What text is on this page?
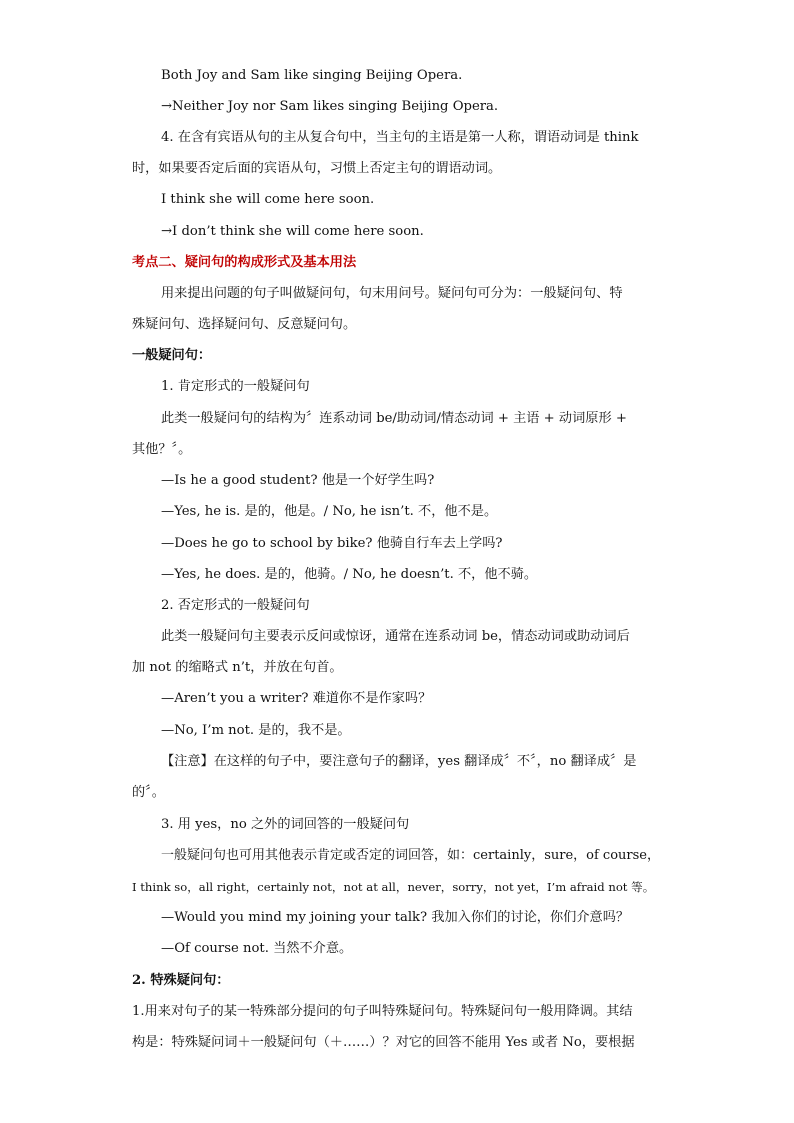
Both Joy and Sam like singing Beijing Opera.
→Neither Joy nor Sam likes singing Beijing Opera.
4. 在含有宾语从句的主从复合句中，当主句的主语是第一人称，谓语动词是 think
时，如果要否定后面的宾语从句，习惯上否定主句的谓语动词。
I think she will come here soon.
→I don’t think she will come here soon.
考点二、疑问句的构成形式及基本用法
用来提出问题的句子叫做疑问句，句末用问号。疑问句可分为：一般疑问句、特
殊疑问句、选择疑问句、反意疑问句。
一般疑问句：
1. 肯定形式的一般疑问句
此类一般疑问句的结构为〞连系动词 be/助动词/情态动词 + 主语 + 动词原形 +
其他？〞。
—Is he a good student? 他是一个好学生吗?
—Yes, he is. 是的，他是。/ No, he isn’t. 不，他不是。
—Does he go to school by bike? 他骑自行车去上学吗?
—Yes, he does. 是的，他骑。/ No, he doesn’t. 不，他不骑。
2. 否定形式的一般疑问句
此类一般疑问句主要表示反问或惊讶，通常在连系动词 be，情态动词或助动词后
加 not 的缩略式 n’t，并放在句首。
—Aren’t you a writer? 难道你不是作家吗？
—No, I’m not. 是的，我不是。
【注意】在这样的句子中，要注意句子的翻译，yes 翻译成〞不〞，no 翻译成〞是
的〞。
3. 用 yes，no 之外的词回答的一般疑问句
一般疑问句也可用其他表示肯定或否定的词回答，如：certainly，sure，of course，
I think so，all right，certainly not，not at all，never，sorry，not yet，I’m afraid not 等。
—Would you mind my joining your talk? 我加入你们的讨论，你们介意吗？
—Of course not. 当然不介意。
2. 特殊疑问句：
1.用来对句子的某一特殊部分提问的句子叫特殊疑问句。特殊疑问句一般用降调。其结
构是：特殊疑问词＋一般疑问句（＋……）？对它的回答不能用 Yes 或者 No，要根据
